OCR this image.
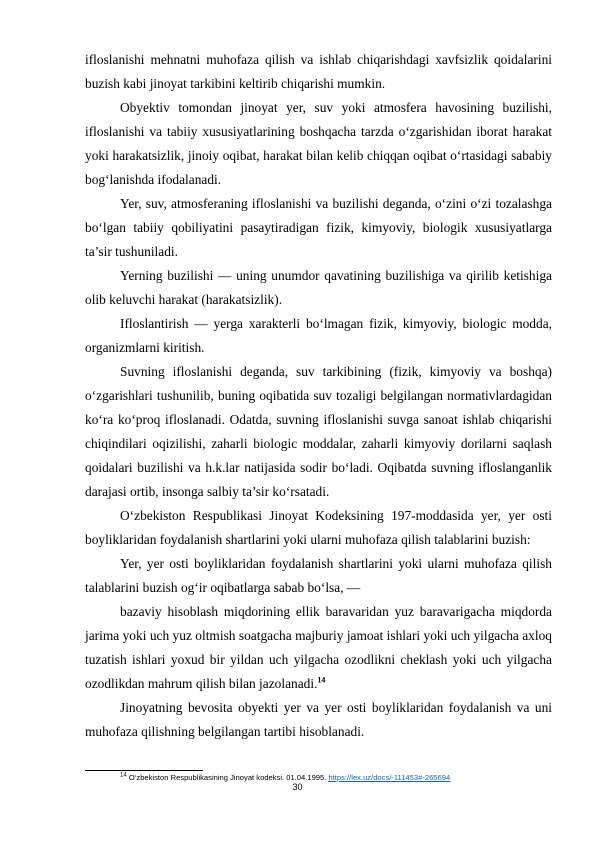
ifloslanishi mehnatni muhofaza qilish va ishlab chiqarishdagi xavfsizlik qoidalarini buzish kabi jinoyat tarkibini keltirib chiqarishi mumkin.

Obyektiv tomondan jinoyat yer, suv yoki atmosfera havosining buzilishi, ifloslanishi va tabiiy xususiyatlarining boshqacha tarzda o‘zgarishidan iborat harakat yoki harakatsizlik, jinoiy oqibat, harakat bilan kelib chiqqan oqibat o‘rtasidagi sababiy bog‘lanishda ifodalanadi.

Yer, suv, atmosferaning ifloslanishi va buzilishi deganda, o‘zini o‘zi tozalashga bo‘lgan tabiiy qobiliyatini pasaytiradigan fizik, kimyoviy, biologik xususiyatlarga ta’sir tushuniladi.

Yerning buzilishi — uning unumdor qavatining buzilishiga va qirilib ketishiga olib keluvchi harakat (harakatsizlik).

Ifloslantirish — yerga xarakterli bo‘lmagan fizik, kimyoviy, biologic modda, organizmlarni kiritish.

Suvning ifloslanishi deganda, suv tarkibining (fizik, kimyoviy va boshqa) o‘zgarishlari tushunilib, buning oqibatida suv tozaligi belgilangan normativlardagidan ko‘ra ko‘proq ifloslanadi. Odatda, suvning ifloslanishi suvga sanoat ishlab chiqarishi chiqindilari oqizilishi, zaharli biologic moddalar, zaharli kimyoviy dorilarni saqlash qoidalari buzilishi va h.k.lar natijasida sodir bo‘ladi. Oqibatda suvning ifloslanganlik darajasi ortib, insonga salbiy ta’sir ko‘rsatadi.

O‘zbekiston Respublikasi Jinoyat Kodeksining 197-moddasida yer, yer osti boyliklaridan foydalanish shartlarini yoki ularni muhofaza qilish talablarini buzish:

Yer, yer osti boyliklaridan foydalanish shartlarini yoki ularni muhofaza qilish talablarini buzish og‘ir oqibatlarga sabab bo‘lsa, —

bazaviy hisoblash miqdorining ellik baravaridan yuz baravarigacha miqdorda jarima yoki uch yuz oltmish soatgacha majburiy jamoat ishlari yoki uch yilgacha axloq tuzatish ishlari yoxud bir yildan uch yilgacha ozodlikni cheklash yoki uch yilgacha ozodlikdan mahrum qilish bilan jazolanadi.$^{14}$

Jinoyatning bevosita obyekti yer va yer osti boyliklaridan foydalanish va uni muhofaza qilishning belgilangan tartibi hisoblanadi.

$^{14}$ O‘zbekiston Respublikasining Jinoyat kodeksi. 01.04.1995. https://lex.uz/docs/-111453#-265694
30
